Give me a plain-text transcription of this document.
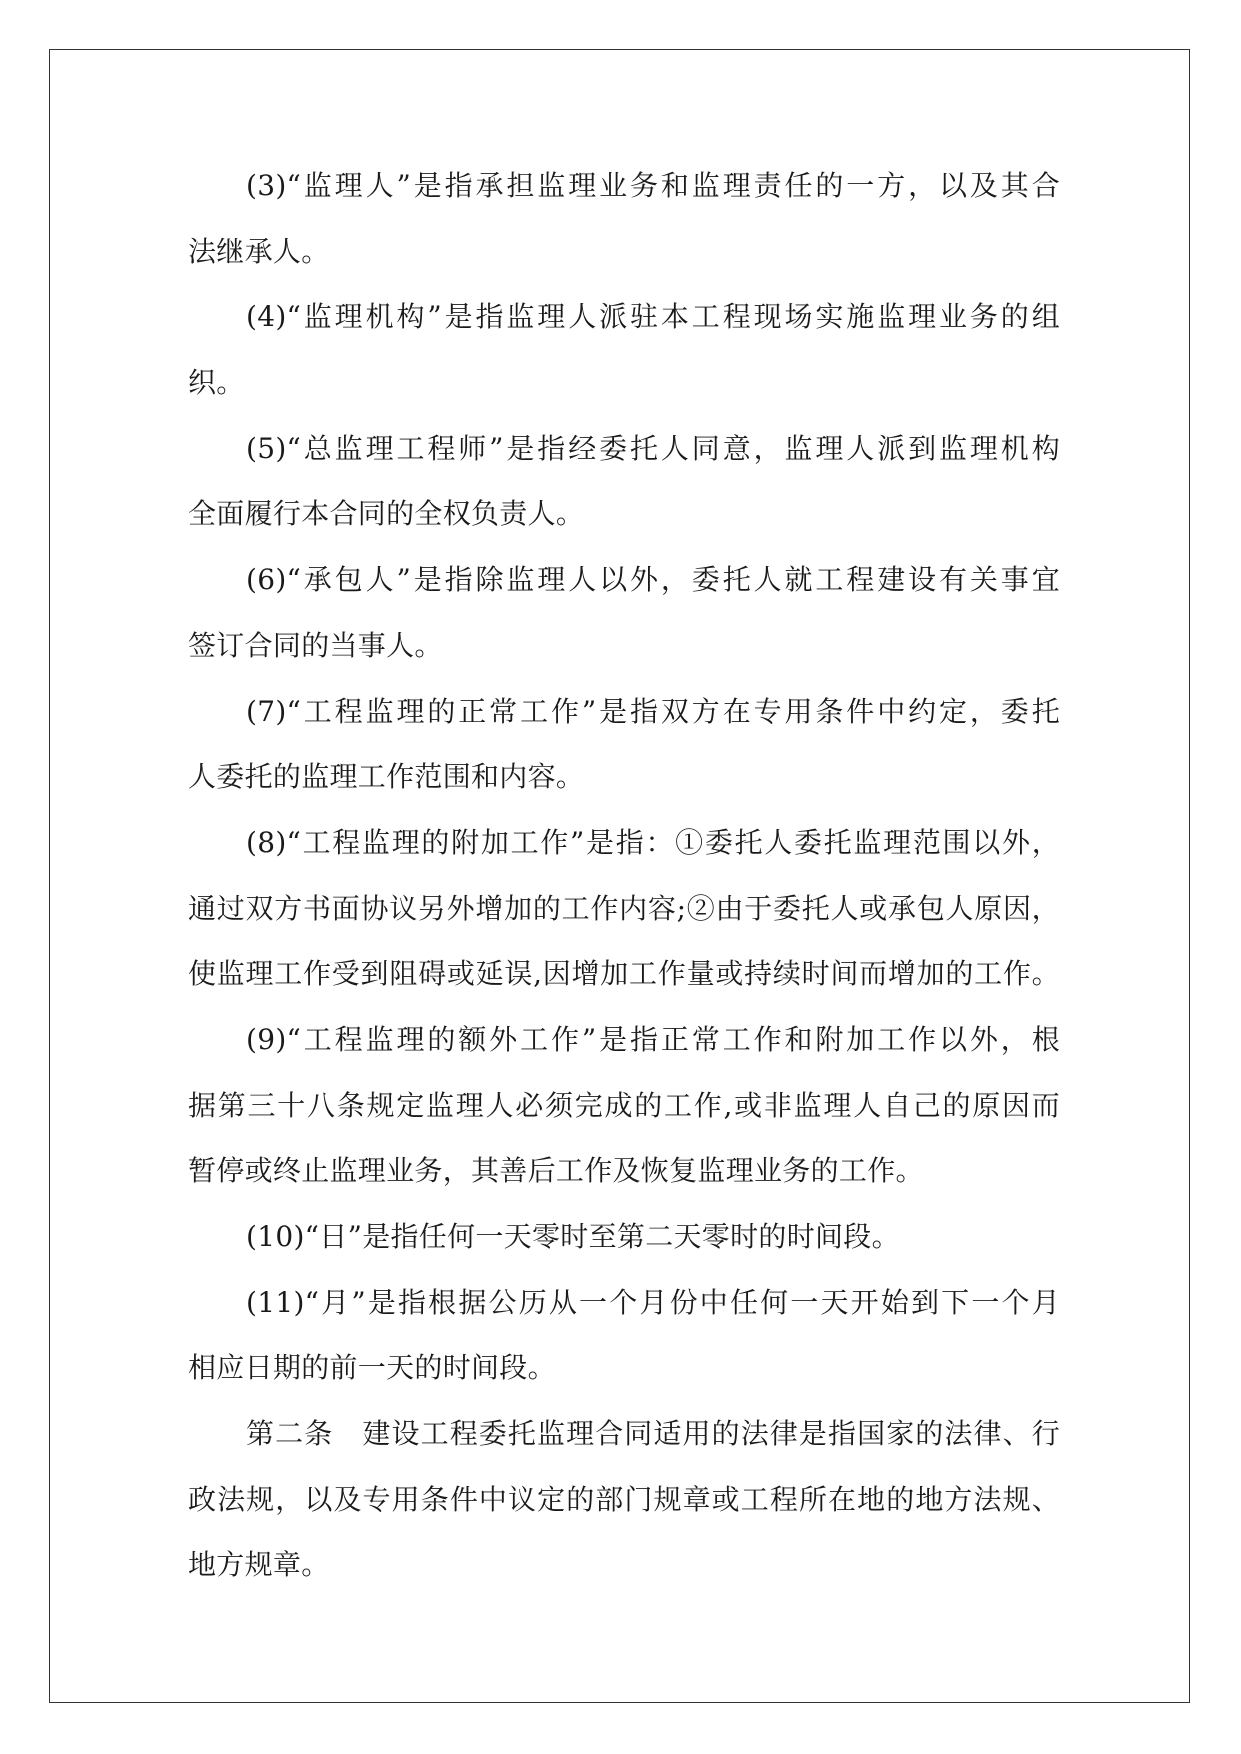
(3)“监理人”是指承担监理业务和监理责任的一方，以及其合
法继承人。
(4)“监理机构”是指监理人派驻本工程现场实施监理业务的组
织。
(5)“总监理工程师”是指经委托人同意，监理人派到监理机构
全面履行本合同的全权负责人。
(6)“承包人”是指除监理人以外，委托人就工程建设有关事宜
签订合同的当事人。
(7)“工程监理的正常工作”是指双方在专用条件中约定，委托
人委托的监理工作范围和内容。
(8)“工程监理的附加工作”是指：①委托人委托监理范围以外，
通过双方书面协议另外增加的工作内容;②由于委托人或承包人原因，
使监理工作受到阻碍或延误,因增加工作量或持续时间而增加的工作。
(9)“工程监理的额外工作”是指正常工作和附加工作以外，根
据第三十八条规定监理人必须完成的工作,或非监理人自己的原因而
暂停或终止监理业务，其善后工作及恢复监理业务的工作。
(10)“日”是指任何一天零时至第二天零时的时间段。
(11)“月”是指根据公历从一个月份中任何一天开始到下一个月
相应日期的前一天的时间段。
第二条　建设工程委托监理合同适用的法律是指国家的法律、行
政法规，以及专用条件中议定的部门规章或工程所在地的地方法规、
地方规章。
